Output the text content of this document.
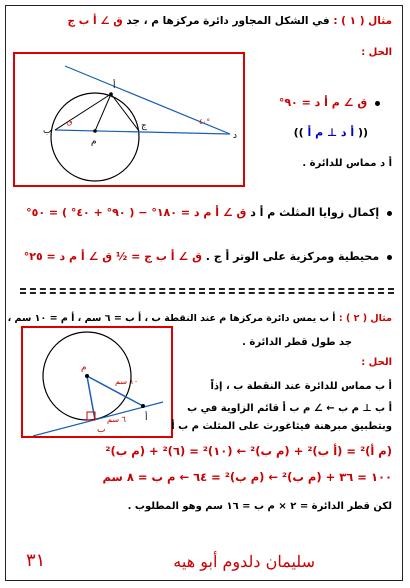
مثال ( ١ ) : في الشكل المجاور دائرة مركزها م ، جد ق ∠ أ ب ج
الحل :
أ
ب	ج
م
د
٤٠°
ق
ق ∠ م أ د = ٩٠°
(( أ د ⊥ م أ ))
أ د مماس للدائرة .
إكمال زوايا المثلث م أ د ق ∠ أ م د = ١٨٠° − ( ٩٠° + ٤٠° ) = ٥٠°
محيطية ومركزية على الوتر أ ج . ق ∠ أ ب ج = ½ ق ∠ أ م د = ٢٥°
مثال ( ٢ ) : أ ب يمس دائرة مركزها م عند النقطة ب ، أ ب = ٦ سم ، أ م = ١٠ سم ،
جد طول قطر الدائرة .
الحل :
م
ب
أ
١٠ سم
٦ سم
أ ب مماس للدائرة عند النقطة ب ، إذاً
أ ب ⊥ م ب ← ∠ م ب أ قائم الزاوية في ب
وبتطبيق مبرهنة فيثاغورث على المثلث م ب أ
(م أ)² = (أ ب)² + (م ب)² ← (١٠)² = (٦)² + (م ب)²
١٠٠ = ٣٦ + (م ب)² ← (م ب)² = ٦٤ ← م ب = ٨ سم
لكن قطر الدائرة = ٢ × م ب = ١٦ سم وهو المطلوب .
سليمان دلدوم أبو هيه
٣١
